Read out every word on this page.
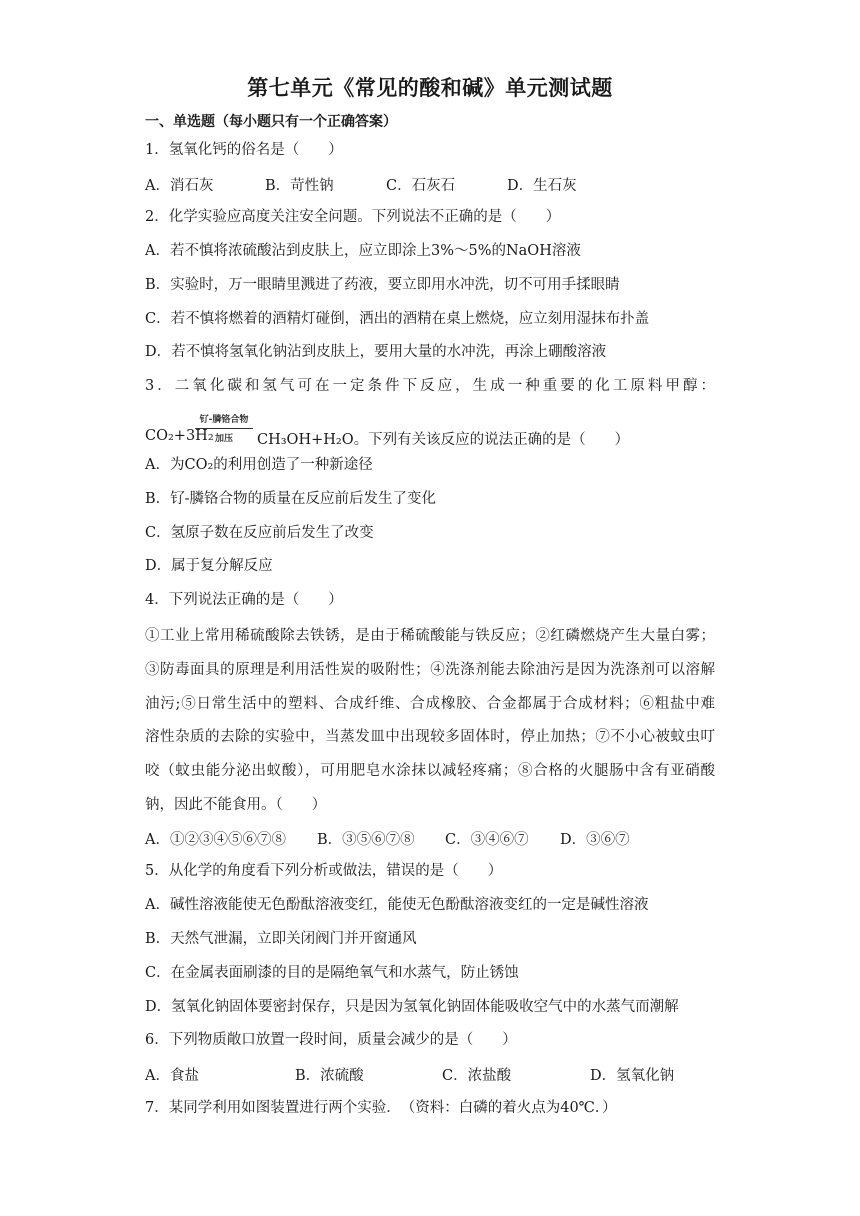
第七单元《常见的酸和碱》单元测试题
一、单选题（每小题只有一个正确答案）
1．氢氧化钙的俗名是（　　）
A．消石灰	B．苛性钠	C．石灰石	D．生石灰
2．化学实验应高度关注安全问题。下列说法不正确的是（　　）
A．若不慎将浓硫酸沾到皮肤上，应立即涂上3%～5%的NaOH溶液
B．实验时，万一眼睛里溅进了药液，要立即用水冲洗，切不可用手揉眼睛
C．若不慎将燃着的酒精灯碰倒，洒出的酒精在桌上燃烧，应立刻用湿抹布扑盖
D．若不慎将氢氧化钠沾到皮肤上，要用大量的水冲洗，再涂上硼酸溶液
3．二氧化碳和氢气可在一定条件下反应，生成一种重要的化工原料甲醇：
CO₂+3H₂
钌-膦铬合物
加压	CH₃OH+H₂O。下列有关该反应的说法正确的是（　　）
A．为CO₂的利用创造了一种新途径
B．钌-膦铬合物的质量在反应前后发生了变化
C．氢原子数在反应前后发生了改变
D．属于复分解反应
4．下列说法正确的是（　　）
①工业上常用稀硫酸除去铁锈，是由于稀硫酸能与铁反应；②红磷燃烧产生大量白雾；
③防毒面具的原理是利用活性炭的吸附性；④洗涤剂能去除油污是因为洗涤剂可以溶解
油污;⑤日常生活中的塑料、合成纤维、合成橡胶、合金都属于合成材料；⑥粗盐中难
溶性杂质的去除的实验中，当蒸发皿中出现较多固体时，停止加热；⑦不小心被蚊虫叮
咬（蚊虫能分泌出蚁酸），可用肥皂水涂抹以减轻疼痛；⑧合格的火腿肠中含有亚硝酸
钠，因此不能食用。（　　）
A．①②③④⑤⑥⑦⑧ B．③⑤⑥⑦⑧ C．③④⑥⑦ D．③⑥⑦
5．从化学的角度看下列分析或做法，错误的是（　　）
A．碱性溶液能使无色酚酞溶液变红，能使无色酚酞溶液变红的一定是碱性溶液
B．天然气泄漏，立即关闭阀门并开窗通风
C．在金属表面刷漆的目的是隔绝氧气和水蒸气，防止锈蚀
D．氢氧化钠固体要密封保存，只是因为氢氧化钠固体能吸收空气中的水蒸气而潮解
6．下列物质敞口放置一段时间，质量会减少的是（　　）
A．食盐	B．浓硫酸	C．浓盐酸	D．氢氧化钠
7．某同学利用如图装置进行两个实验．　（资料：白磷的着火点为40℃．）
